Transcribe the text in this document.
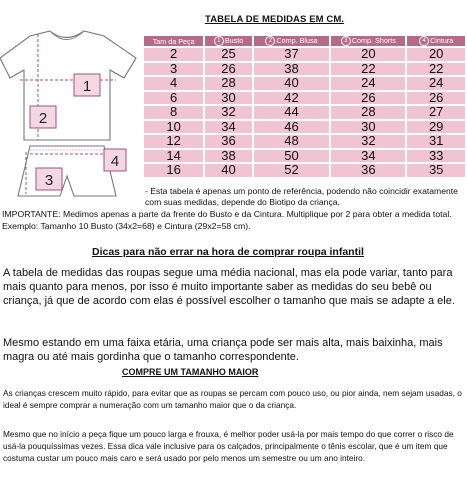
1
2
3
4
TABELA DE MEDIDAS EM CM.
Tam da Peça	1 Busto	2 Comp. Blusa	3 Comp. Shorts	4 Cintura
2	25	37	20	20
3	26	38	22	22
4	28	40	24	24
6	30	42	26	26
8	32	44	28	27
10	34	46	30	29
12	36	48	32	31
14	38	50	34	33
16	40	52	36	35
- Esta tabela é apenas um ponto de referência, podendo não coincidir exatamente com suas medidas, depende do Biotipo da criança.
IMPORTANTE: Medimos apenas a parte da frente do Busto e da Cintura. Multiplique por 2 para obter a medida total. Exemplo: Tamanho 10 Busto (34x2=68) e Cintura (29x2=58 cm).
Dicas para não errar na hora de comprar roupa infantil
A tabela de medidas das roupas segue uma média nacional, mas ela pode variar, tanto para mais quanto para menos, por isso é muito importante saber as medidas do seu bebê ou criança, já que de acordo com elas é possível escolher o tamanho que mais se adapte a ele.
Mesmo estando em uma faixa etária, uma criança pode ser mais alta, mais baixinha, mais magra ou até mais gordinha que o tamanho correspondente.
COMPRE UM TAMANHO MAIOR
As crianças crescem muito rápido, para evitar que as roupas se percam com pouco uso, ou pior ainda, nem sejam usadas, o ideal é sempre comprar a numeração com um tamanho maior que o da criança.
Mesmo que no início a peça fique um pouco larga e frouxa, é melhor poder usá-la por mais tempo do que correr o risco de usá-la pouquíssimas vezes. Essa dica vale inclusive para os calçados, principalmente o tênis escolar, que é um item que costuma custar um pouco mais caro e será usado por pelo menos um semestre ou um ano inteiro.
